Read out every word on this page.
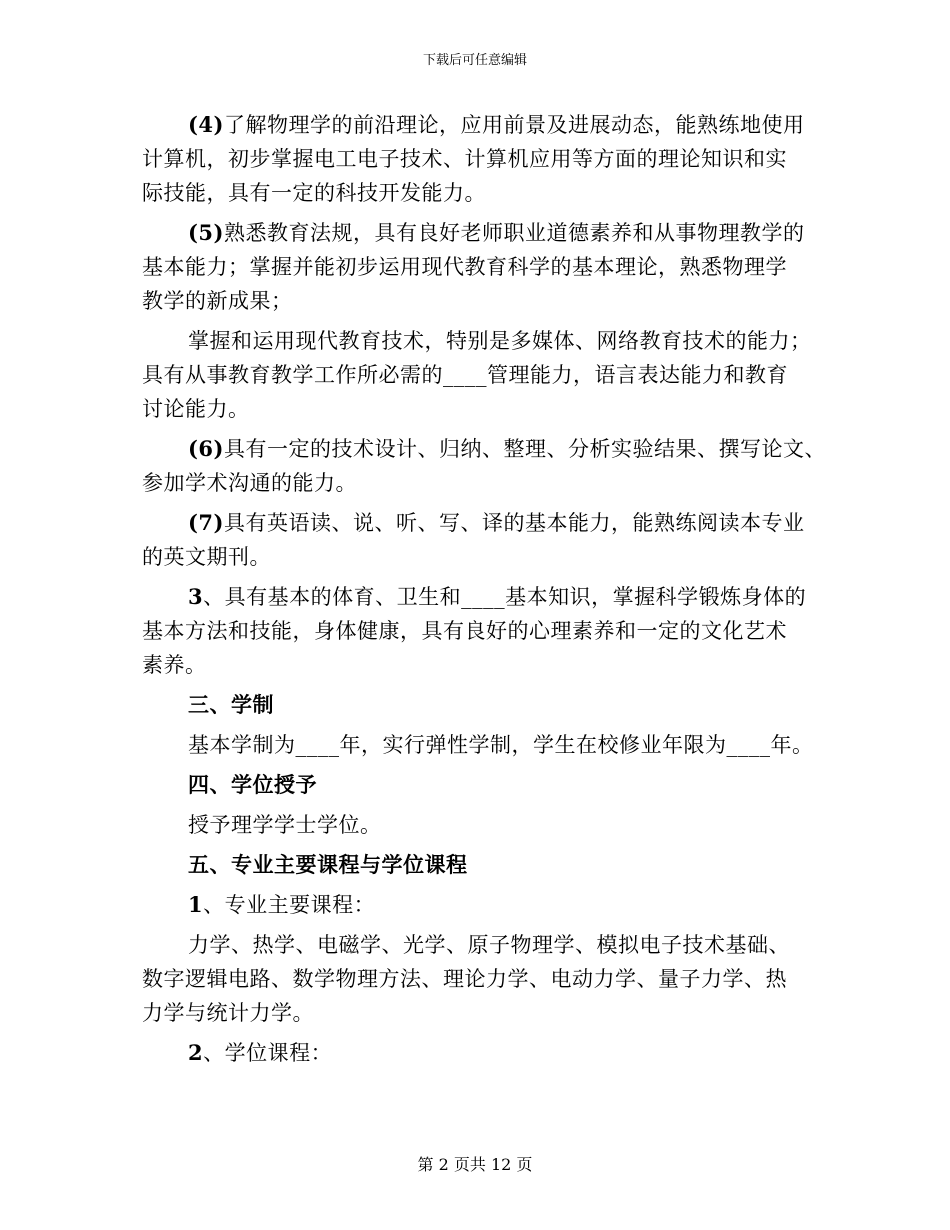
下载后可任意编辑
(4)了解物理学的前沿理论，应用前景及进展动态，能熟练地使用
计算机，初步掌握电工电子技术、计算机应用等方面的理论知识和实
际技能，具有一定的科技开发能力。
(5)熟悉教育法规，具有良好老师职业道德素养和从事物理教学的
基本能力；掌握并能初步运用现代教育科学的基本理论，熟悉物理学
教学的新成果；
掌握和运用现代教育技术，特别是多媒体、网络教育技术的能力；
具有从事教育教学工作所必需的____管理能力，语言表达能力和教育
讨论能力。
(6)具有一定的技术设计、归纳、整理、分析实验结果、撰写论文、
参加学术沟通的能力。
(7)具有英语读、说、听、写、译的基本能力，能熟练阅读本专业
的英文期刊。
3、具有基本的体育、卫生和____基本知识，掌握科学锻炼身体的
基本方法和技能，身体健康，具有良好的心理素养和一定的文化艺术
素养。
三、学制
基本学制为____年，实行弹性学制，学生在校修业年限为____年。
四、学位授予
授予理学学士学位。
五、专业主要课程与学位课程
1、专业主要课程：
力学、热学、电磁学、光学、原子物理学、模拟电子技术基础、
数字逻辑电路、数学物理方法、理论力学、电动力学、量子力学、热
力学与统计力学。
2、学位课程：
第 2 页共 12 页
